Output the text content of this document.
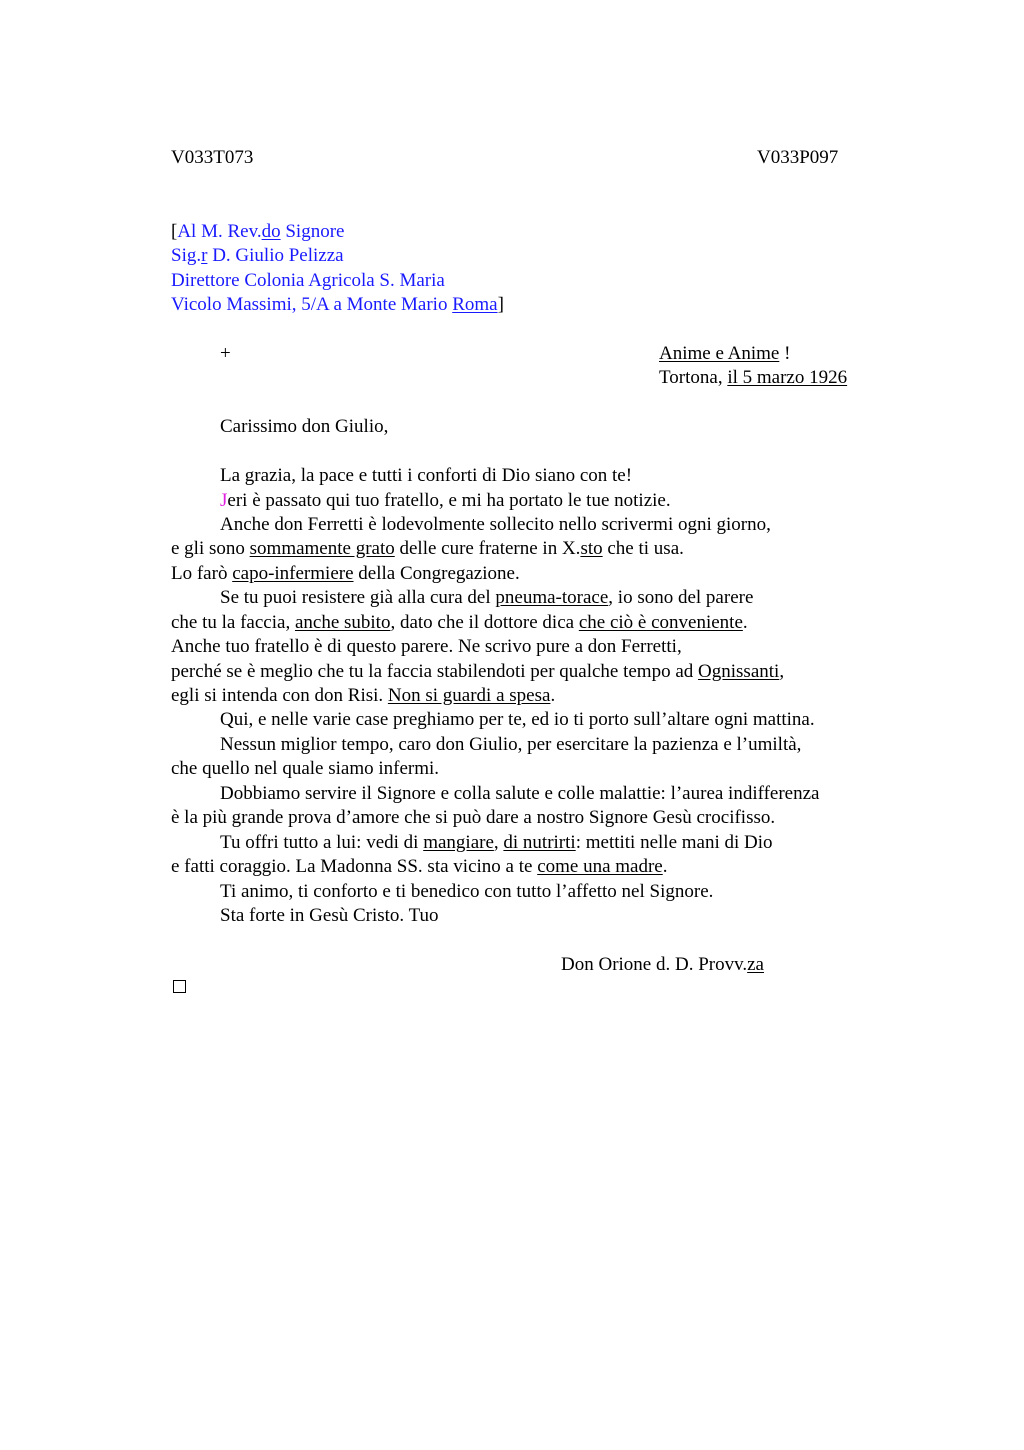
V033T073	V033P097
[Al M. Rev.do Signore
Sig.r D. Giulio Pelizza
Direttore Colonia Agricola S. Maria
Vicolo Massimi, 5/A a Monte Mario Roma]
+	Anime e Anime !
Tortona, il 5 marzo 1926
Carissimo don Giulio,
La grazia, la pace e tutti i conforti di Dio siano con te!
Jeri è passato qui tuo fratello, e mi ha portato le tue notizie.
Anche don Ferretti è lodevolmente sollecito nello scrivermi ogni giorno,
e gli sono sommamente grato delle cure fraterne in X.sto che ti usa.
Lo farò capo-infermiere della Congregazione.
Se tu puoi resistere già alla cura del pneuma-torace, io sono del parere
che tu la faccia, anche subito, dato che il dottore dica che ciò è conveniente.
Anche tuo fratello è di questo parere. Ne scrivo pure a don Ferretti,
perché se è meglio che tu la faccia stabilendoti per qualche tempo ad Ognissanti,
egli si intenda con don Risi. Non si guardi a spesa.
Qui, e nelle varie case preghiamo per te, ed io ti porto sull’altare ogni mattina.
Nessun miglior tempo, caro don Giulio, per esercitare la pazienza e l’umiltà,
che quello nel quale siamo infermi.
Dobbiamo servire il Signore e colla salute e colle malattie: l’aurea indifferenza
è la più grande prova d’amore che si può dare a nostro Signore Gesù crocifisso.
Tu offri tutto a lui: vedi di mangiare, di nutrirti: mettiti nelle mani di Dio
e fatti coraggio. La Madonna SS. sta vicino a te come una madre.
Ti animo, ti conforto e ti benedico con tutto l’affetto nel Signore.
Sta forte in Gesù Cristo. Tuo
Don Orione d. D. Provv.za
